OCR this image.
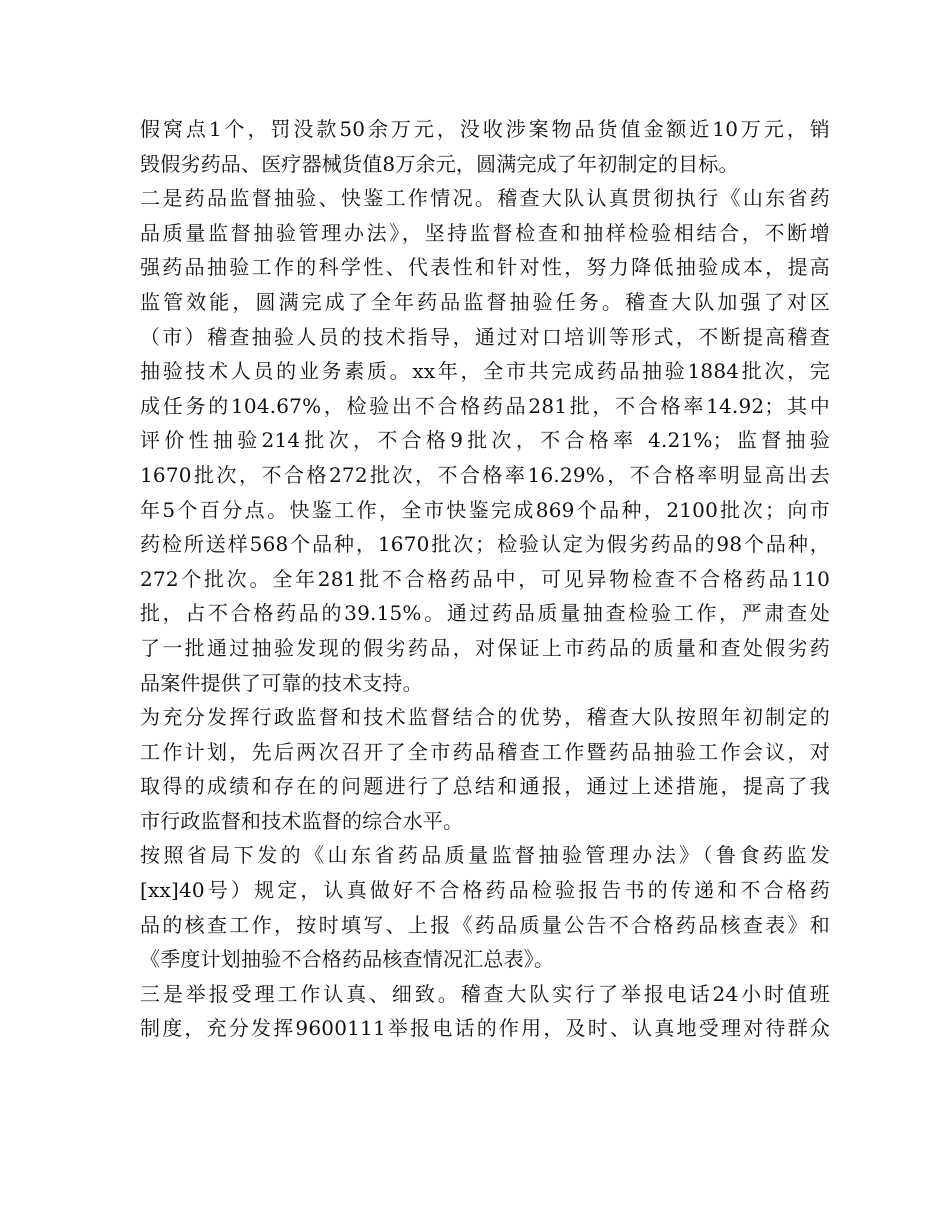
假窝点1个，罚没款50余万元，没收涉案物品货值金额近10万元，销
毁假劣药品、医疗器械货值8万余元，圆满完成了年初制定的目标。
二是药品监督抽验、快鉴工作情况。稽查大队认真贯彻执行《山东省药
品质量监督抽验管理办法》，坚持监督检查和抽样检验相结合，不断增
强药品抽验工作的科学性、代表性和针对性，努力降低抽验成本，提高
监管效能，圆满完成了全年药品监督抽验任务。稽查大队加强了对区
（市）稽查抽验人员的技术指导，通过对口培训等形式，不断提高稽查
抽验技术人员的业务素质。xx年，全市共完成药品抽验1884批次，完
成任务的104.67%，检验出不合格药品281批，不合格率14.92；其中
评价性抽验214批次，不合格9批次，不合格率 4.21%；监督抽验
1670批次，不合格272批次，不合格率16.29%，不合格率明显高出去
年5个百分点。快鉴工作，全市快鉴完成869个品种，2100批次；向市
药检所送样568个品种，1670批次；检验认定为假劣药品的98个品种，
272个批次。全年281批不合格药品中，可见异物检查不合格药品110
批，占不合格药品的39.15%。通过药品质量抽查检验工作，严肃查处
了一批通过抽验发现的假劣药品，对保证上市药品的质量和查处假劣药
品案件提供了可靠的技术支持。
为充分发挥行政监督和技术监督结合的优势，稽查大队按照年初制定的
工作计划，先后两次召开了全市药品稽查工作暨药品抽验工作会议，对
取得的成绩和存在的问题进行了总结和通报，通过上述措施，提高了我
市行政监督和技术监督的综合水平。
按照省局下发的《山东省药品质量监督抽验管理办法》（鲁食药监发
[xx]40号）规定，认真做好不合格药品检验报告书的传递和不合格药
品的核查工作，按时填写、上报《药品质量公告不合格药品核查表》和
《季度计划抽验不合格药品核查情况汇总表》。
三是举报受理工作认真、细致。稽查大队实行了举报电话24小时值班
制度，充分发挥9600111举报电话的作用，及时、认真地受理对待群众
